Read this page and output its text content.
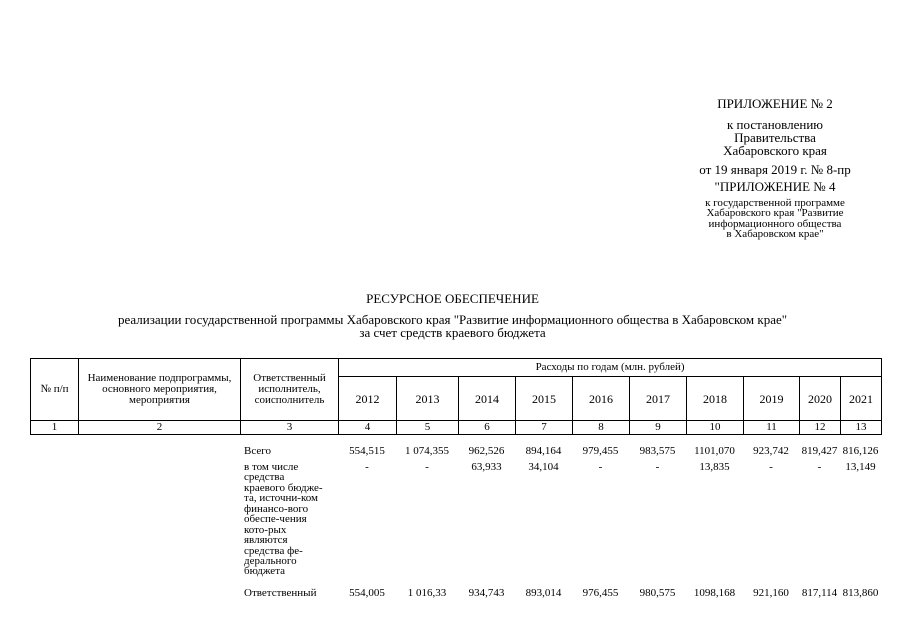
ПРИЛОЖЕНИЕ № 2
к постановлению
Правительства
Хабаровского края
от 19 января 2019 г. № 8-пр
"ПРИЛОЖЕНИЕ № 4
к государственной программе
Хабаровского края "Развитие
информационного общества
в Хабаровском крае"
РЕСУРСНОЕ ОБЕСПЕЧЕНИЕ
реализации государственной программы Хабаровского края "Развитие информационного общества в Хабаровском крае"
за счет средств краевого бюджета
№ п/п	Наименование подпрограммы, основного мероприятия, мероприятия	Ответственный исполнитель, соисполнитель	Расходы по годам (млн. рублей)									
			2012	2013	2014	2015	2016	2017	2018	2019	2020	2021
1	2	3	4	5	6	7	8	9	10	11	12	13
		Всего	554,515	1 074,355	962,526	894,164	979,455	983,575	1101,070	923,742	819,427	816,126
		в том числе средства краевого бюдже-та, источни-ком финансо-вого обеспе-чения кото-рых являются средства фе-дерального бюджета	-	-	63,933	34,104	-	-	13,835	-	-	13,149
		Ответственный	554,005	1 016,33	934,743	893,014	976,455	980,575	1098,168	921,160	817,114	813,860
